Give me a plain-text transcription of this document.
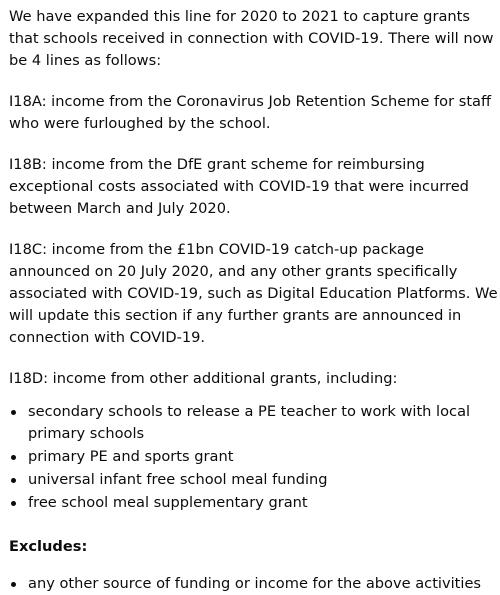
We have expanded this line for 2020 to 2021 to capture grants that schools received in connection with COVID-19. There will now be 4 lines as follows:

I18A: income from the Coronavirus Job Retention Scheme for staff who were furloughed by the school.

I18B: income from the DfE grant scheme for reimbursing exceptional costs associated with COVID-19 that were incurred between March and July 2020.

I18C: income from the £1bn COVID-19 catch-up package announced on 20 July 2020, and any other grants specifically associated with COVID-19, such as Digital Education Platforms. We will update this section if any further grants are announced in connection with COVID-19.

I18D: income from other additional grants, including:

secondary schools to release a PE teacher to work with local primary schools
primary PE and sports grant
universal infant free school meal funding
free school meal supplementary grant
Excludes:
any other source of funding or income for the above activities
